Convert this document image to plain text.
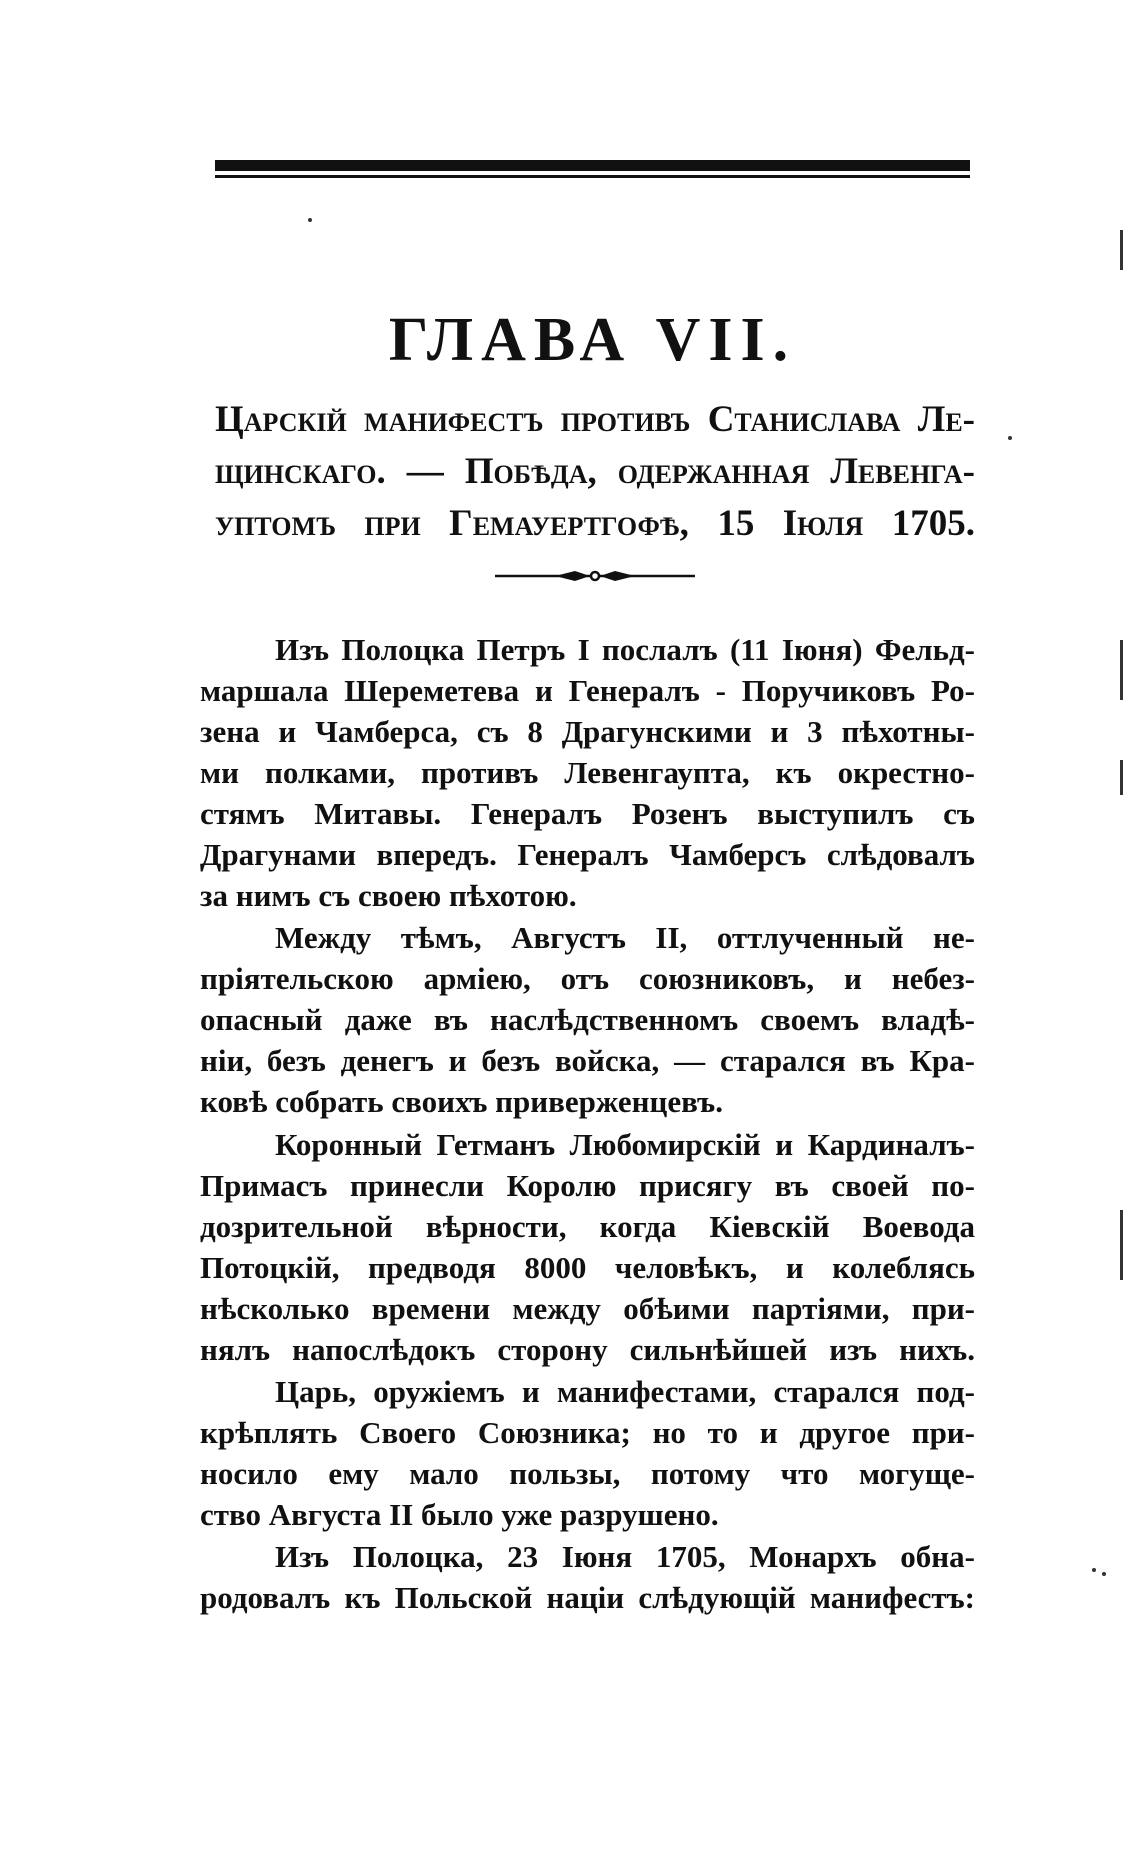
ГЛАВА VII.
Царскій манифестъ противъ Станислава Ле-
щинскаго. — Побѣда, одержанная Левенга-
уптомъ при Гемауертгофѣ, 15 Іюля 1705.
Изъ Полоцка Петръ I послалъ (11 Іюня) Фельд-
маршала Шереметева и Генералъ - Поручиковъ Ро-
зена и Чамберса, съ 8 Драгунскими и 3 пѣхотны-
ми полками, противъ Левенгаупта, къ окрестно-
стямъ Митавы. Генералъ Розенъ выступилъ съ
Драгунами впередъ. Генералъ Чамберсъ слѣдовалъ
за нимъ съ своею пѣхотою.
Между тѣмъ, Августъ II, оттлученный не-
пріятельскою арміею, отъ союзниковъ, и небез-
опасный даже въ наслѣдственномъ своемъ владѣ-
ніи, безъ денегъ и безъ войска, — старался въ Кра-
ковѣ собрать своихъ приверженцевъ.
Коронный Гетманъ Любомирскій и Кардиналъ-
Примасъ принесли Королю присягу въ своей по-
дозрительной вѣрности, когда Кіевскій Воевода
Потоцкій, предводя 8000 человѣкъ, и колеблясь
нѣсколько времени между обѣими партіями, при-
нялъ напослѣдокъ сторону сильнѣйшей изъ нихъ.
Царь, оружіемъ и манифестами, старался под-
крѣплять Своего Союзника; но то и другое при-
носило ему мало пользы, потому что могуще-
ство Августа II было уже разрушено.
Изъ Полоцка, 23 Іюня 1705, Монархъ обна-
родовалъ къ Польской націи слѣдующій манифестъ:
